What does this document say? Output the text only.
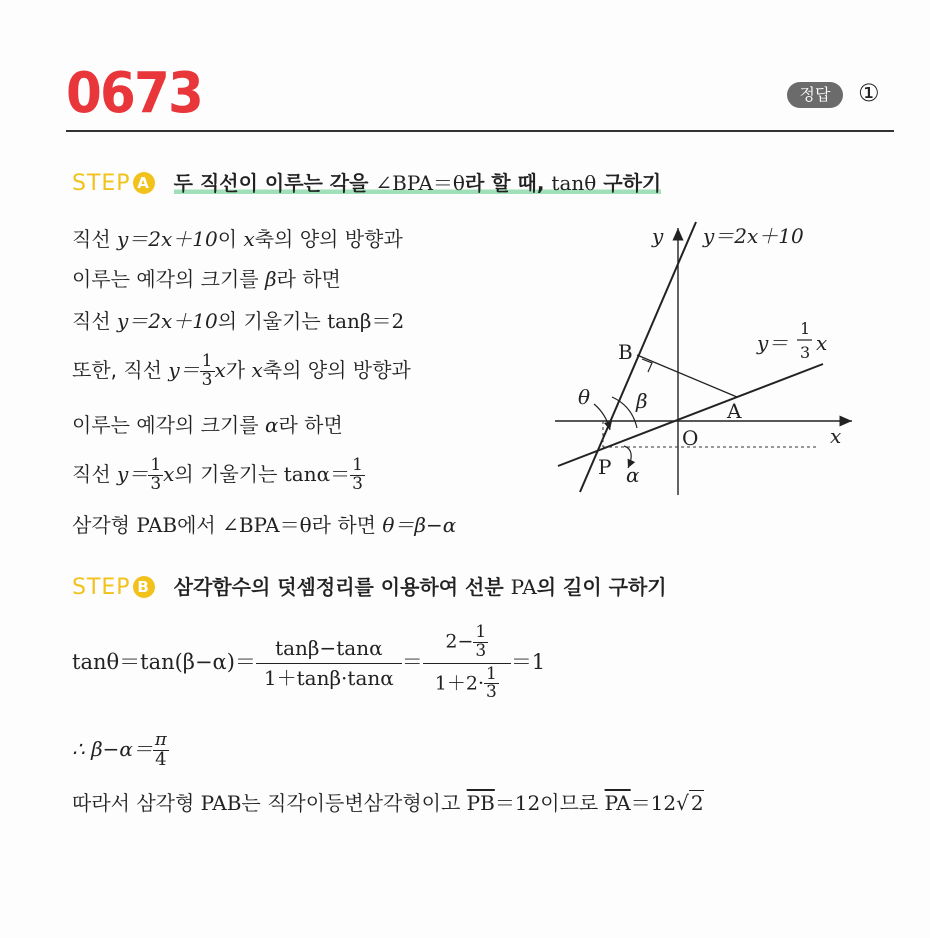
0673	정답	①
STEP A 두 직선이 이루는 각을 ∠BPA＝θ라 할 때, tanθ 구하기
직선 y＝2x＋10이 x축의 양의 방향과
이루는 예각의 크기를 β라 하면
직선 y＝2x＋10의 기울기는 tanβ＝2
또한, 직선 $y= \frac{1}{3}$ x가 x축의 양의 방향과
이루는 예각의 크기를 α라 하면
직선 $y= \frac{1}{3}$ x의 기울기는 $\tan\alpha= \frac{1}{3}$
삼각형 PAB에서 ∠BPA＝θ라 하면 θ＝β−α
y y＝2x＋10
y＝
1
3 x
B
A
O
P
x
θ β
α
STEP B 삼각함수의 덧셈정리를 이용하여 선분 PA의 길이 구하기
$\tan\theta=\tan(\beta-\alpha)= \frac{\tan\beta-\tan\alpha}{1+\tan\beta\cdot\tan\alpha} = \frac{2- \frac{1}{3}}{1+2\cdot \frac{1}{3}} =1$
∴ $\beta-\alpha= \frac{\pi}{4}$
따라서 삼각형 PAB는 직각이등변삼각형이고 $\overline{PB}=12$이므로 $\overline{PA}=12√$ 2
